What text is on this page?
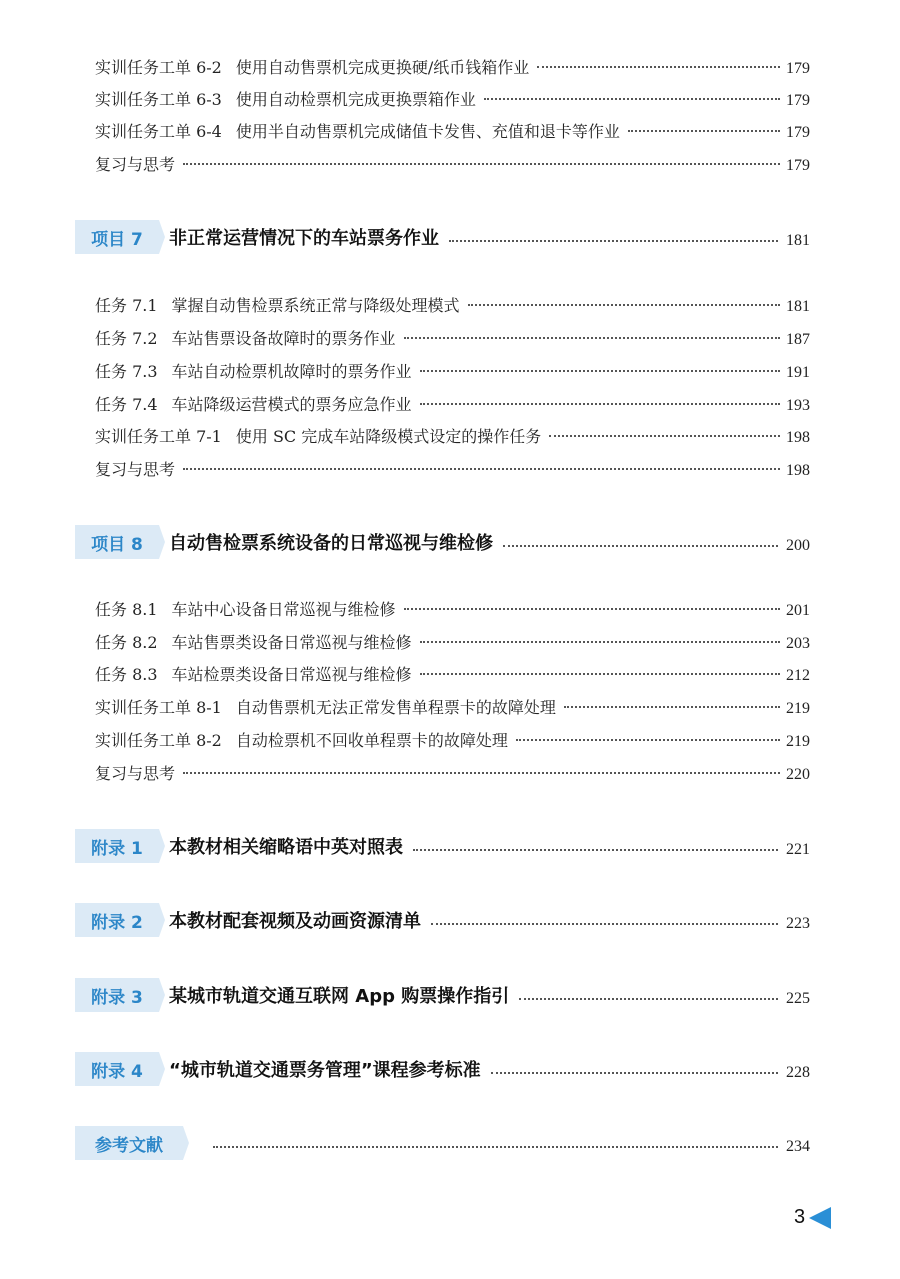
实训任务工单 6-2 使用自动售票机完成更换硬/纸币钱箱作业	179
实训任务工单 6-3 使用自动检票机完成更换票箱作业	179
实训任务工单 6-4 使用半自动售票机完成储值卡发售、充值和退卡等作业	179
复习与思考	179
项目 7	非正常运营情况下的车站票务作业	181
任务 7.1 掌握自动售检票系统正常与降级处理模式	181
任务 7.2 车站售票设备故障时的票务作业	187
任务 7.3 车站自动检票机故障时的票务作业	191
任务 7.4 车站降级运营模式的票务应急作业	193
实训任务工单 7-1 使用 SC 完成车站降级模式设定的操作任务	198
复习与思考	198
项目 8	自动售检票系统设备的日常巡视与维检修	200
任务 8.1 车站中心设备日常巡视与维检修	201
任务 8.2 车站售票类设备日常巡视与维检修	203
任务 8.3 车站检票类设备日常巡视与维检修	212
实训任务工单 8-1 自动售票机无法正常发售单程票卡的故障处理	219
实训任务工单 8-2 自动检票机不回收单程票卡的故障处理	219
复习与思考	220
附录 1	本教材相关缩略语中英对照表	221
附录 2	本教材配套视频及动画资源清单	223
附录 3	某城市轨道交通互联网 App 购票操作指引	225
附录 4	“城市轨道交通票务管理”课程参考标准	228
参考文献	234
3
